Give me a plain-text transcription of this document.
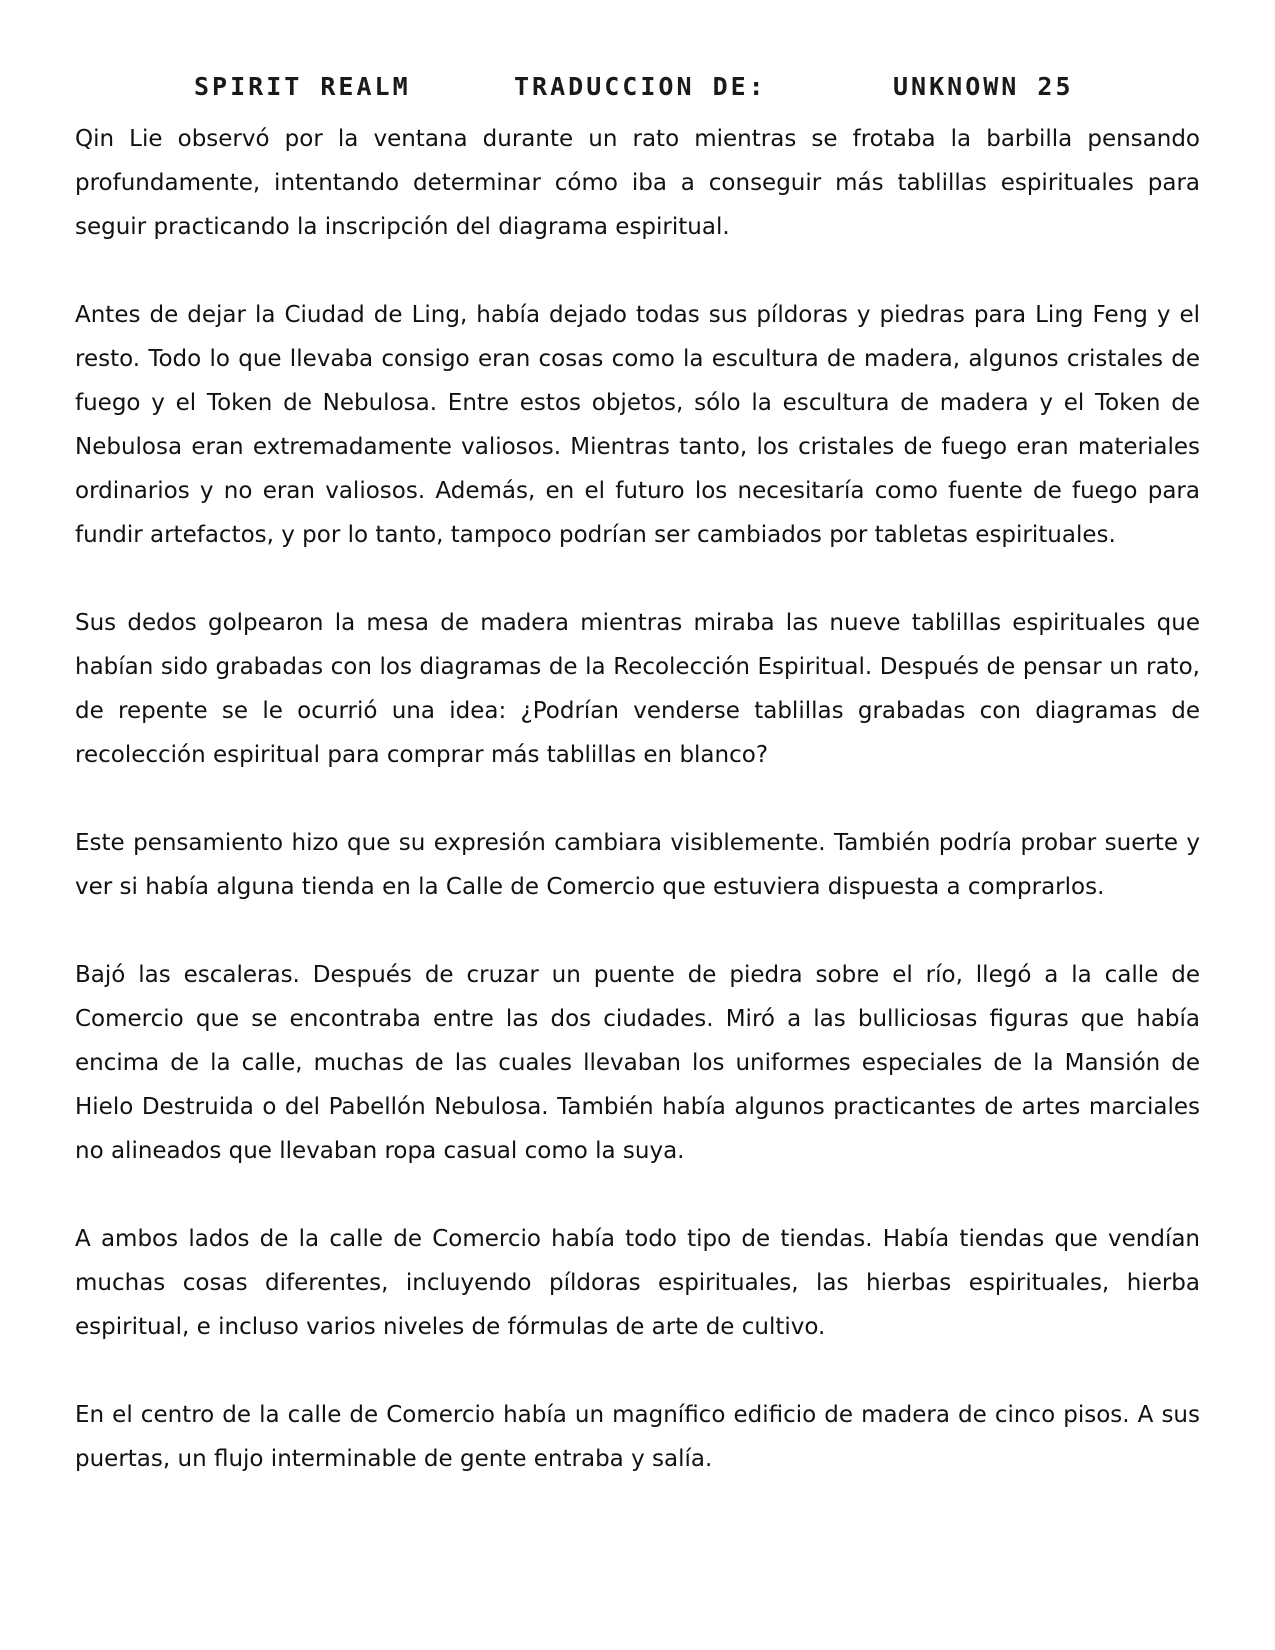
SPIRIT REALM	TRADUCCION DE:	UNKNOWN 25

Qin Lie observó por la ventana durante un rato mientras se frotaba la barbilla pensando profundamente, intentando determinar cómo iba a conseguir más tablillas espirituales para seguir practicando la inscripción del diagrama espiritual.

Antes de dejar la Ciudad de Ling, había dejado todas sus píldoras y piedras para Ling Feng y el resto. Todo lo que llevaba consigo eran cosas como la escultura de madera, algunos cristales de fuego y el Token de Nebulosa. Entre estos objetos, sólo la escultura de madera y el Token de Nebulosa eran extremadamente valiosos. Mientras tanto, los cristales de fuego eran materiales ordinarios y no eran valiosos. Además, en el futuro los necesitaría como fuente de fuego para fundir artefactos, y por lo tanto, tampoco podrían ser cambiados por tabletas espirituales.

Sus dedos golpearon la mesa de madera mientras miraba las nueve tablillas espirituales que habían sido grabadas con los diagramas de la Recolección Espiritual. Después de pensar un rato, de repente se le ocurrió una idea: ¿Podrían venderse tablillas grabadas con diagramas de recolección espiritual para comprar más tablillas en blanco?

Este pensamiento hizo que su expresión cambiara visiblemente. También podría probar suerte y ver si había alguna tienda en la Calle de Comercio que estuviera dispuesta a comprarlos.

Bajó las escaleras. Después de cruzar un puente de piedra sobre el río, llegó a la calle de Comercio que se encontraba entre las dos ciudades. Miró a las bulliciosas figuras que había encima de la calle, muchas de las cuales llevaban los uniformes especiales de la Mansión de Hielo Destruida o del Pabellón Nebulosa. También había algunos practicantes de artes marciales no alineados que llevaban ropa casual como la suya.

A ambos lados de la calle de Comercio había todo tipo de tiendas. Había tiendas que vendían muchas cosas diferentes, incluyendo píldoras espirituales, las hierbas espirituales, hierba espiritual, e incluso varios niveles de fórmulas de arte de cultivo.

En el centro de la calle de Comercio había un magnífico edificio de madera de cinco pisos. A sus puertas, un flujo interminable de gente entraba y salía.
